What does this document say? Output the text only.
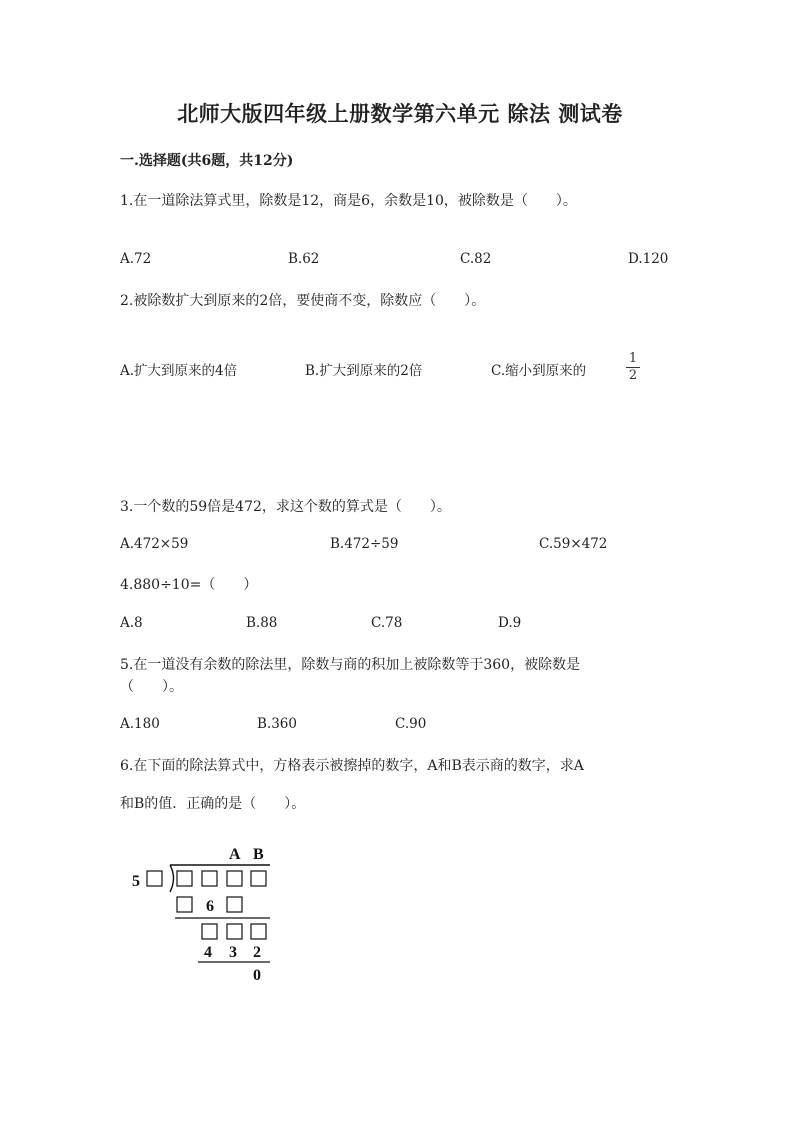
北师大版四年级上册数学第六单元 除法 测试卷
一.选择题(共6题，共12分)
1.在一道除法算式里，除数是12，商是6，余数是10，被除数是（　　）。
A.72	B.62	C.82	D.120
2.被除数扩大到原来的2倍，要使商不变，除数应（　　）。
A.扩大到原来的4倍	B.扩大到原来的2倍	C.缩小到原来的
1
2
3.一个数的59倍是472，求这个数的算式是（　　）。
A.472×59	B.472÷59	C.59×472
4.880÷10=（　　）
A.8	B.88	C.78	D.9
5.在一道没有余数的除法里，除数与商的积加上被除数等于360，被除数是
（　　）。
A.180	B.360	C.90
6.在下面的除法算式中，方格表示被擦掉的数字，A和B表示商的数字，求A
和B的值．正确的是（　　）。
A B
5
6
4 3 2
0
